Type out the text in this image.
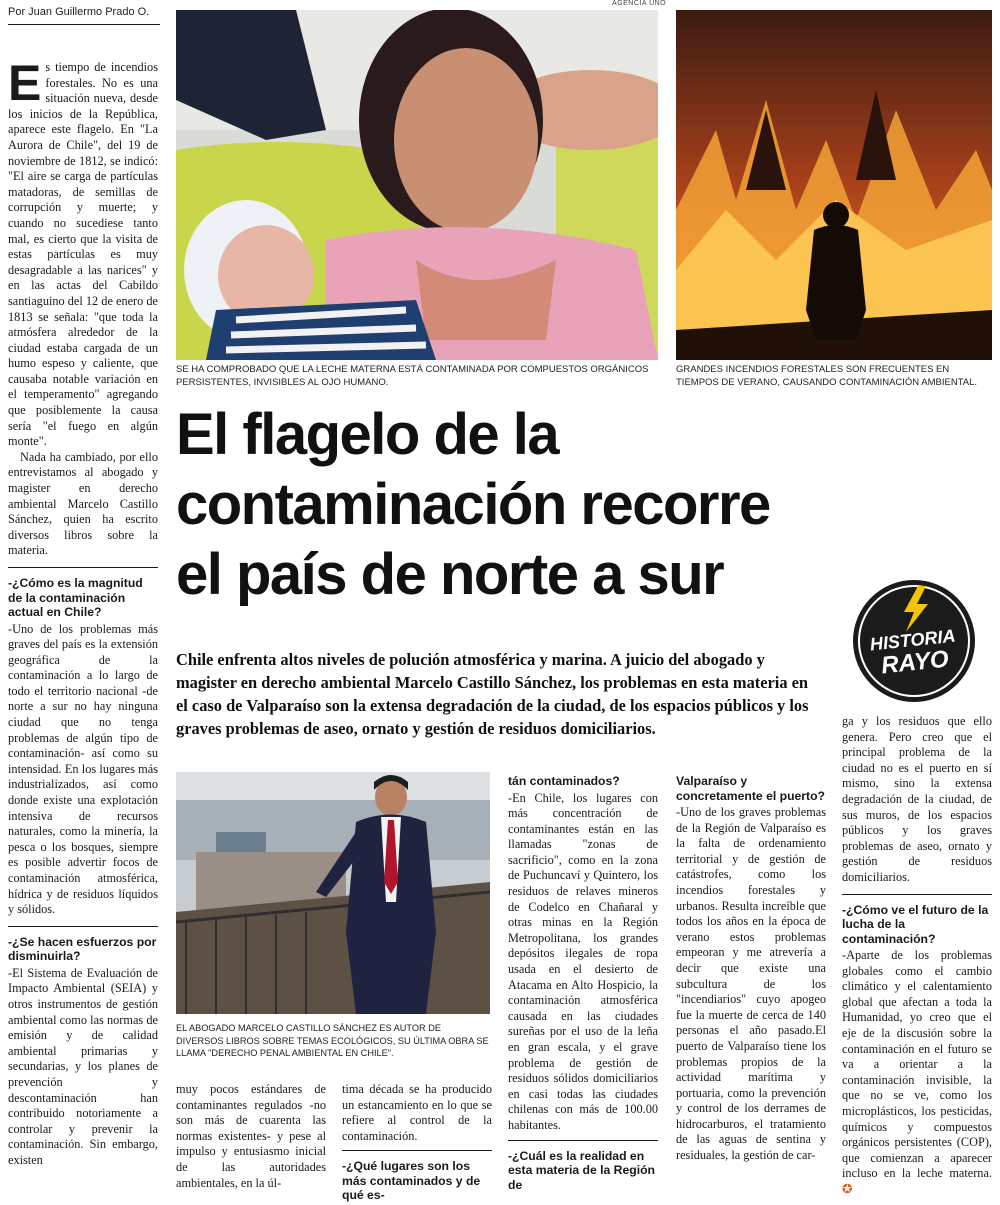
Por Juan Guillermo Prado O.
AGENCIA UNO
SE HA COMPROBADO QUE LA LECHE MATERNA ESTÁ CONTAMINADA POR COMPUESTOS ORGÁNICOS PERSISTENTES, INVISIBLES AL OJO HUMANO.
GRANDES INCENDIOS FORESTALES SON FRECUENTES EN TIEMPOS DE VERANO, CAUSANDO CONTAMINACIÓN AMBIENTAL.
El flagelo de la
contaminación recorre
el país de norte a sur
HISTORIA
RAYO
Chile enfrenta altos niveles de polución atmosférica y marina. A juicio del abogado y magister en derecho ambiental Marcelo Castillo Sánchez, los problemas en esta materia en el caso de Valparaíso son la extensa degradación de la ciudad, de los espacios públicos y los graves problemas de aseo, ornato y gestión de residuos domiciliarios.

Es tiempo de incendios forestales. No es una situación nueva, desde los inicios de la República, aparece este flagelo. En "La Aurora de Chile", del 19 de noviembre de 1812, se indicó: "El aire se carga de partículas matadoras, de semillas de corrupción y muerte; y cuando no sucediese tanto mal, es cierto que la visita de estas partículas es muy desagradable a las narices" y en las actas del Cabildo santiaguino del 12 de enero de 1813 se señala: "que toda la atmósfera alrededor de la ciudad estaba cargada de un humo espeso y caliente, que causaba notable variación en el temperamento" agregando que posiblemente la causa sería "el fuego en algún monte".

Nada ha cambiado, por ello entrevistamos al abogado y magister en derecho ambiental Marcelo Castillo Sánchez, quien ha escrito diversos libros sobre la materia.

-¿Cómo es la magnitud de la contaminación actual en Chile?

-Uno de los problemas más graves del país es la extensión geográfica de la contaminación a lo largo de todo el territorio nacional -de norte a sur no hay ninguna ciudad que no tenga problemas de algún tipo de contaminación- así como su intensidad. En los lugares más industrializados, así como donde existe una explotación intensiva de recursos naturales, como la minería, la pesca o los bosques, siempre es posible advertir focos de contaminación atmosférica, hídrica y de residuos líquidos y sólidos.

-¿Se hacen esfuerzos por disminuirla?

-El Sistema de Evaluación de Impacto Ambiental (SEIA) y otros instrumentos de gestión ambiental como las normas de emisión y de calidad ambiental primarias y secundarias, y los planes de prevención y descontaminación han contribuido notoriamente a controlar y prevenir la contaminación. Sin embargo, existen

EL ABOGADO MARCELO CASTILLO SÁNCHEZ ES AUTOR DE DIVERSOS LIBROS SOBRE TEMAS ECOLÓGICOS, SU ÚLTIMA OBRA SE LLAMA "DERECHO PENAL AMBIENTAL EN CHILE".

muy pocos estándares de contaminantes regulados -no son más de cuarenta las normas existentes- y pese al impulso y entusiasmo inicial de las autoridades ambientales, en la úl-

tima década se ha producido un estancamiento en lo que se refiere al control de la contaminación.

-¿Qué lugares son los más contaminados y de qué es-
tán contaminados?

-En Chile, los lugares con más concentración de contaminantes están en las llamadas "zonas de sacrificio", como en la zona de Puchuncaví y Quintero, los residuos de relaves mineros de Codelco en Chañaral y otras minas en la Región Metropolitana, los grandes depósitos ilegales de ropa usada en el desierto de Atacama en Alto Hospicio, la contaminación atmosférica causada en las ciudades sureñas por el uso de la leña en gran escala, y el grave problema de gestión de residuos sólidos domiciliarios en casi todas las ciudades chilenas con más de 100.00 habitantes.

-¿Cuál es la realidad en esta materia de la Región de
Valparaíso y concretamente el puerto?

-Uno de los graves problemas de la Región de Valparaíso es la falta de ordenamiento territorial y de gestión de catástrofes, como los incendios forestales y urbanos. Resulta increíble que todos los años en la época de verano estos problemas empeoran y me atrevería a decir que existe una subcultura de los "incendiarios" cuyo apogeo fue la muerte de cerca de 140 personas el año pasado.El puerto de Valparaíso tiene los problemas propios de la actividad marítima y portuaria, como la prevención y control de los derrames de hidrocarburos, el tratamiento de las aguas de sentina y residuales, la gestión de car-

ga y los residuos que ello genera. Pero creo que el principal problema de la ciudad no es el puerto en sí mismo, sino la extensa degradación de la ciudad, de sus muros, de los espacios públicos y los graves problemas de aseo, ornato y gestión de residuos domiciliarios.

-¿Cómo ve el futuro de la lucha de la contaminación?

-Aparte de los problemas globales como el cambio climático y el calentamiento global que afectan a toda la Humanidad, yo creo que el eje de la discusión sobre la contaminación en el futuro se va a orientar a la contaminación invisible, la que no se ve, como los microplásticos, los pesticidas, químicos y compuestos orgánicos persistentes (COP), que comienzan a aparecer incluso en la leche materna. ✪
